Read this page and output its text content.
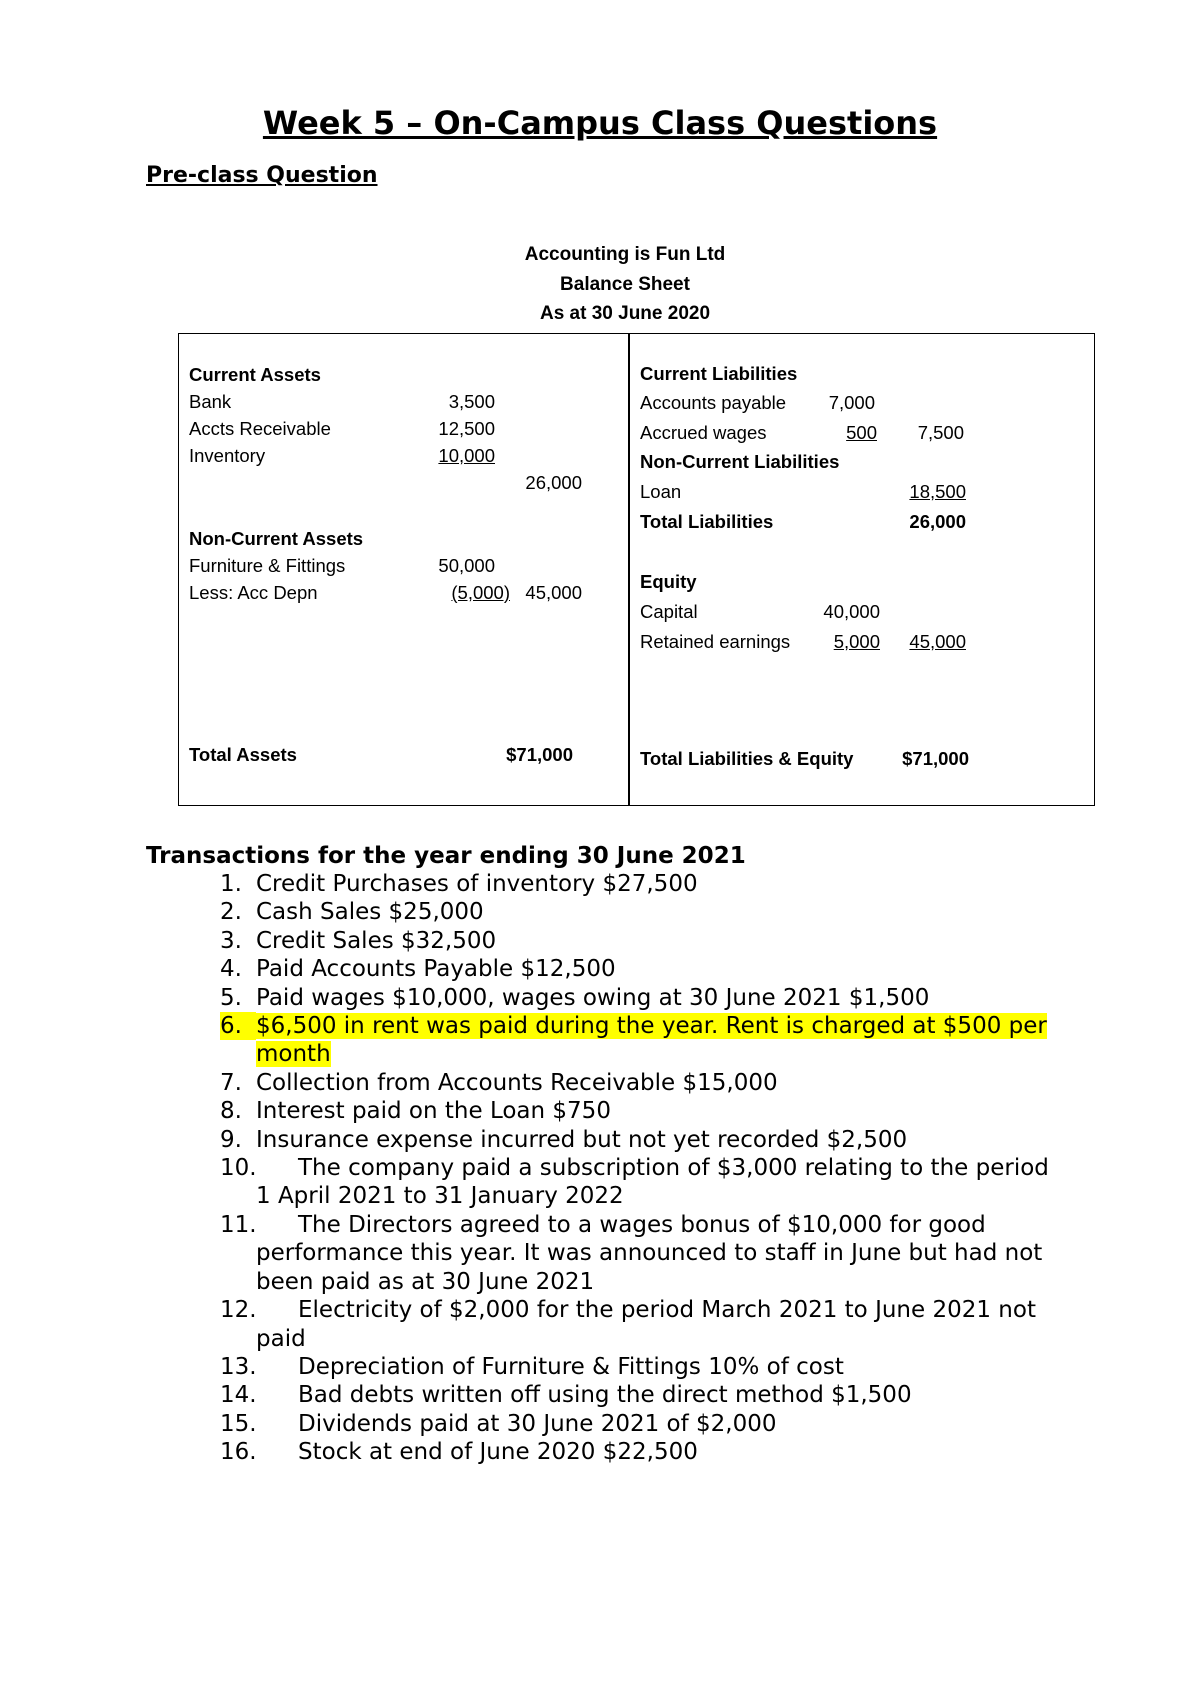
Week 5 – On-Campus Class Questions
Pre-class Question
Accounting is Fun Ltd
Balance Sheet
As at 30 June 2020
Current Assets
Bank	3,500
Accts Receivable	12,500
Inventory	10,000
26,000
Non-Current Assets
Furniture & Fittings	50,000
Less: Acc Depn	(5,000) 45,000
Total Assets	$71,000
Current Liabilities
Accounts payable 7,000
Accrued wages	500 7,500
Non-Current Liabilities
Loan	18,500
Total Liabilities	26,000
Equity
Capital	40,000
Retained earnings 5,000 45,000
Total Liabilities & Equity	$71,000
Transactions for the year ending 30 June 2021
1. Credit Purchases of inventory $27,500
2. Cash Sales $25,000
3. Credit Sales $32,500
4. Paid Accounts Payable $12,500
5. Paid wages $10,000, wages owing at 30 June 2021 $1,500
6. $6,500 in rent was paid during the year. Rent is charged at $500 per month
7. Collection from Accounts Receivable $15,000
8. Interest paid on the Loan $750
9. Insurance expense incurred but not yet recorded $2,500
10.	The company paid a subscription of $3,000 relating to the period 1 April 2021 to 31 January 2022
11.	The Directors agreed to a wages bonus of $10,000 for good performance this year. It was announced to staff in June but had not been paid as at 30 June 2021
12.	Electricity of $2,000 for the period March 2021 to June 2021 not paid
13.	Depreciation of Furniture & Fittings 10% of cost
14.	Bad debts written off using the direct method $1,500
15.	Dividends paid at 30 June 2021 of $2,000
16.	Stock at end of June 2020 $22,500
